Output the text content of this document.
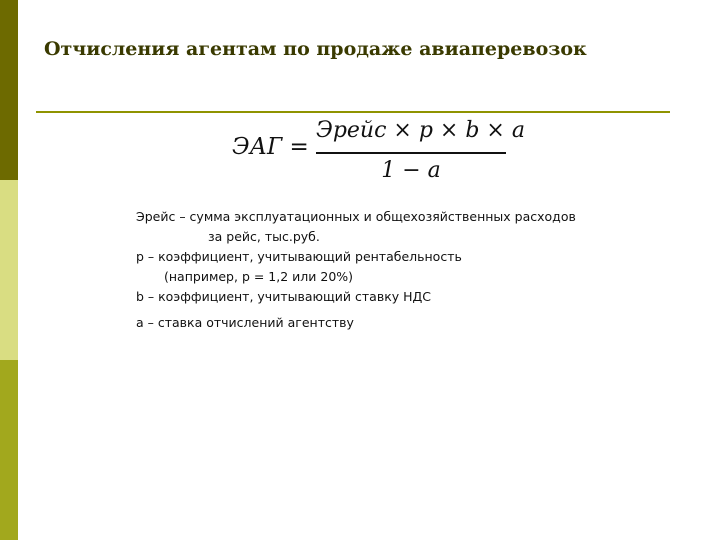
Отчисления агентам по продаже авиаперевозок
ЭАГ =
Эрейс × p × b × a
1 − a
Эрейс – сумма эксплуатационных и общехозяйственных расходов
за рейс, тыс.руб.
p – коэффициент, учитывающий рентабельность
(например, p = 1,2 или 20%)
b – коэффициент, учитывающий ставку НДС
a – ставка отчислений агентству
